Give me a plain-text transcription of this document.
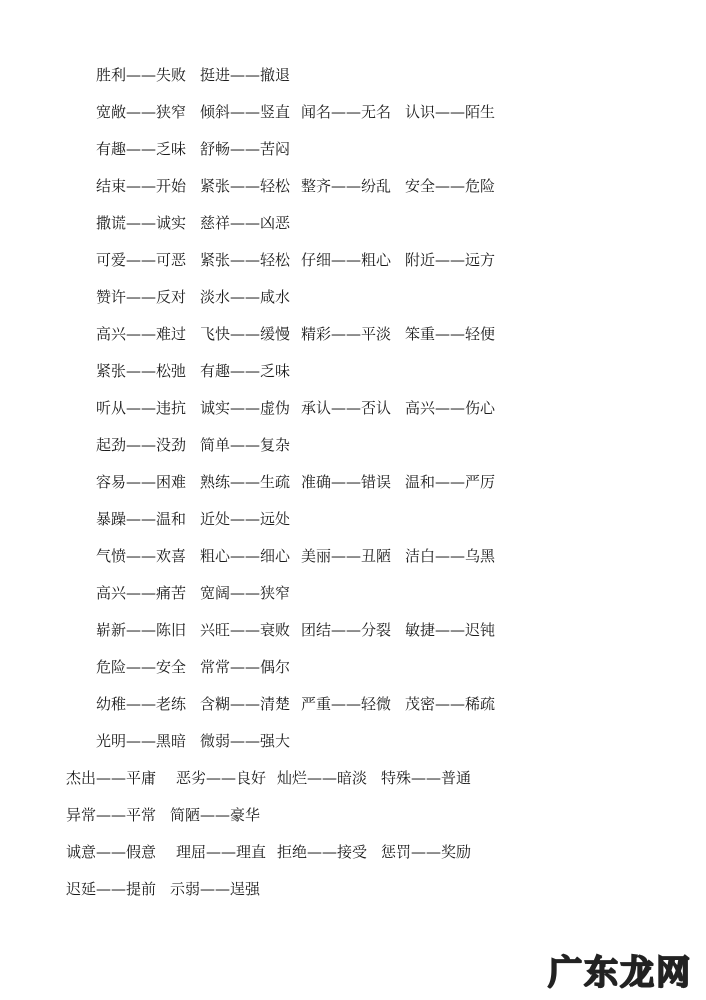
胜利——失败 挺进——撤退
宽敞——狭窄 倾斜——竖直 闻名——无名 认识——陌生
有趣——乏味 舒畅——苦闷
结束——开始 紧张——轻松 整齐——纷乱 安全——危险
撒谎——诚实 慈祥——凶恶
可爱——可恶 紧张——轻松 仔细——粗心 附近——远方
赞许——反对 淡水——咸水
高兴——难过 飞快——缓慢 精彩——平淡 笨重——轻便
紧张——松弛 有趣——乏味
听从——违抗 诚实——虚伪 承认——否认 高兴——伤心
起劲——没劲 简单——复杂
容易——困难 熟练——生疏 准确——错误 温和——严厉
暴躁——温和 近处——远处
气愤——欢喜 粗心——细心 美丽——丑陋 洁白——乌黑
高兴——痛苦 宽阔——狭窄
崭新——陈旧 兴旺——衰败 团结——分裂 敏捷——迟钝
危险——安全 常常——偶尔
幼稚——老练 含糊——清楚 严重——轻微 茂密——稀疏
光明——黑暗 微弱——强大
杰出——平庸 恶劣——良好 灿烂——暗淡 特殊——普通
异常——平常 简陋——豪华
诚意——假意 理屈——理直 拒绝——接受 惩罚——奖励
迟延——提前 示弱——逞强
广东龙网
